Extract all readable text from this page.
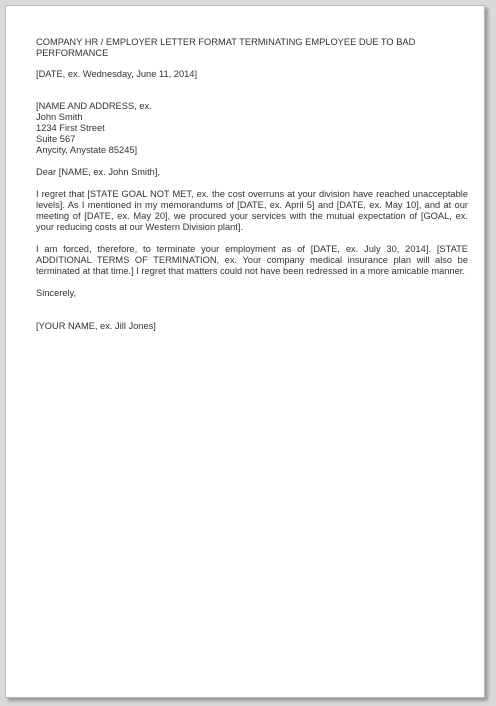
COMPANY HR / EMPLOYER LETTER FORMAT TERMINATING EMPLOYEE DUE TO BAD PERFORMANCE
[DATE, ex. Wednesday, June 11, 2014]
[NAME AND ADDRESS, ex.
John Smith
1234 First Street
Suite 567
Anycity, Anystate 85245]
Dear [NAME, ex. John Smith],

I regret that [STATE GOAL NOT MET, ex. the cost overruns at your division have reached unacceptable levels]. As I mentioned in my memorandums of [DATE, ex. April 5] and [DATE, ex. May 10], and at our meeting of [DATE, ex. May 20], we procured your services with the mutual expectation of [GOAL, ex. your reducing costs at our Western Division plant].

I am forced, therefore, to terminate your employment as of [DATE, ex. July 30, 2014]. [STATE ADDITIONAL TERMS OF TERMINATION, ex. Your company medical insurance plan will also be terminated at that time.] I regret that matters could not have been redressed in a more amicable manner.

Sincerely,
[YOUR NAME, ex. Jill Jones]
